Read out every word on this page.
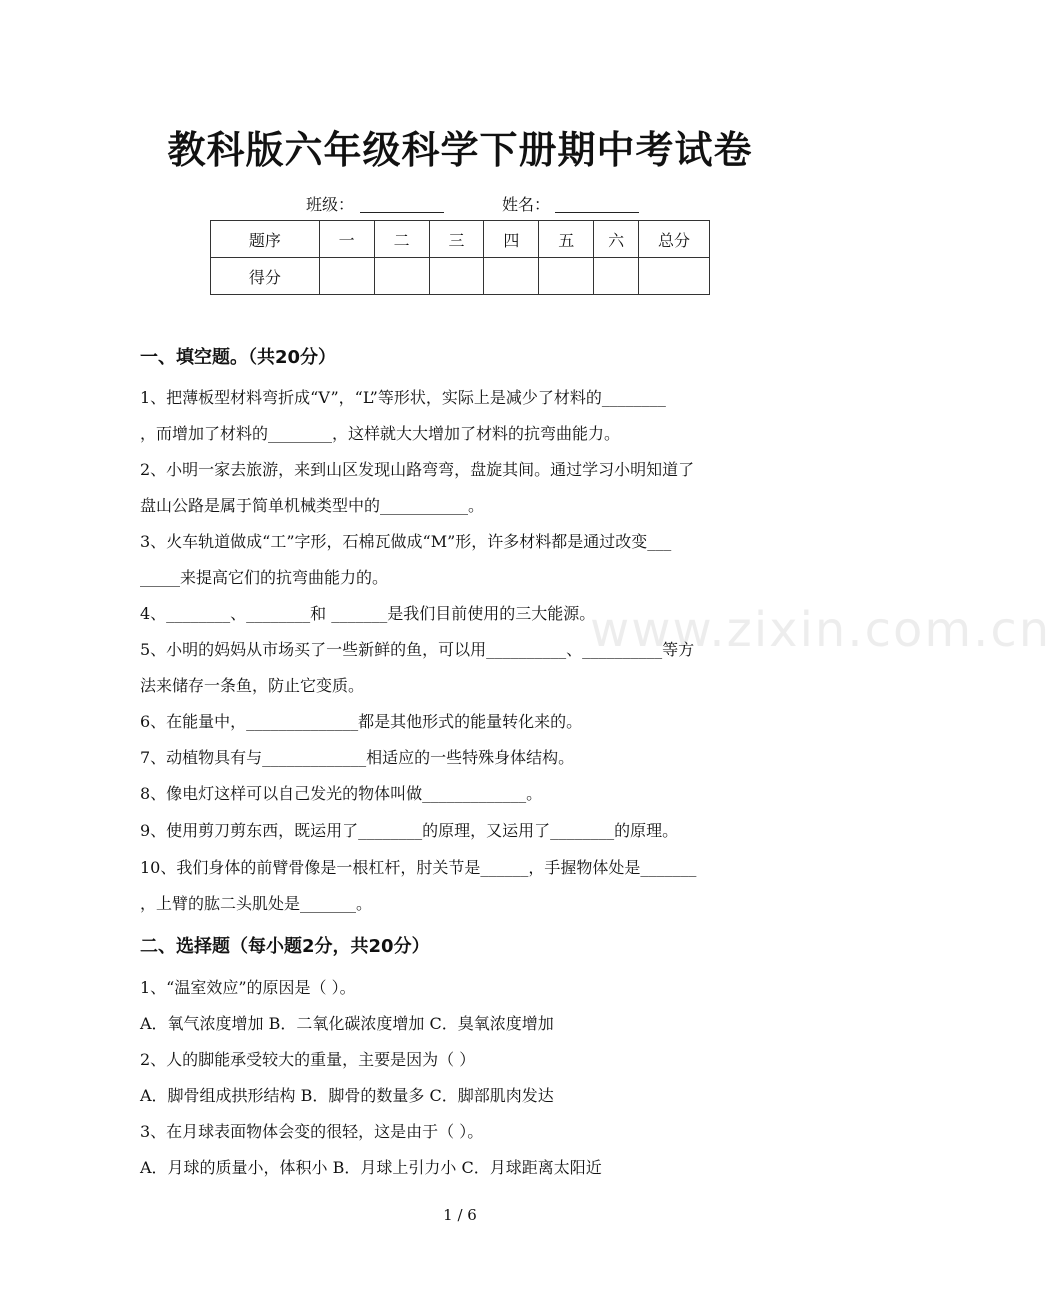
教科版六年级科学下册期中考试卷
班级：	姓名：
题序	一	二	三	四	五	六	总分
得分							
一、填空题。（共20分）
1、把薄板型材料弯折成“V”，“L”等形状，实际上是减少了材料的________
，而增加了材料的________，这样就大大增加了材料的抗弯曲能力。
2、小明一家去旅游，来到山区发现山路弯弯，盘旋其间。通过学习小明知道了
盘山公路是属于简单机械类型中的___________。
3、火车轨道做成“工”字形，石棉瓦做成“M”形，许多材料都是通过改变___
_____来提高它们的抗弯曲能力的。
4、________、________和 _______是我们目前使用的三大能源。
5、小明的妈妈从市场买了一些新鲜的鱼，可以用__________、__________等方
法来储存一条鱼，防止它变质。
6、在能量中，______________都是其他形式的能量转化来的。
7、动植物具有与_____________相适应的一些特殊身体结构。
8、像电灯这样可以自己发光的物体叫做_____________。
9、使用剪刀剪东西，既运用了________的原理，又运用了________的原理。
10、我们身体的前臂骨像是一根杠杆，肘关节是______，手握物体处是_______
，上臂的肱二头肌处是_______。
二、选择题（每小题2分，共20分）
1、“温室效应”的原因是（ ）。
A．氧气浓度增加 B．二氧化碳浓度增加 C．臭氧浓度增加
2、人的脚能承受较大的重量，主要是因为（ ）
A．脚骨组成拱形结构 B．脚骨的数量多 C．脚部肌肉发达
3、在月球表面物体会变的很轻，这是由于（ ）。
A．月球的质量小，体积小 B．月球上引力小 C．月球距离太阳近
www.zixin.com.cn
1 / 6
